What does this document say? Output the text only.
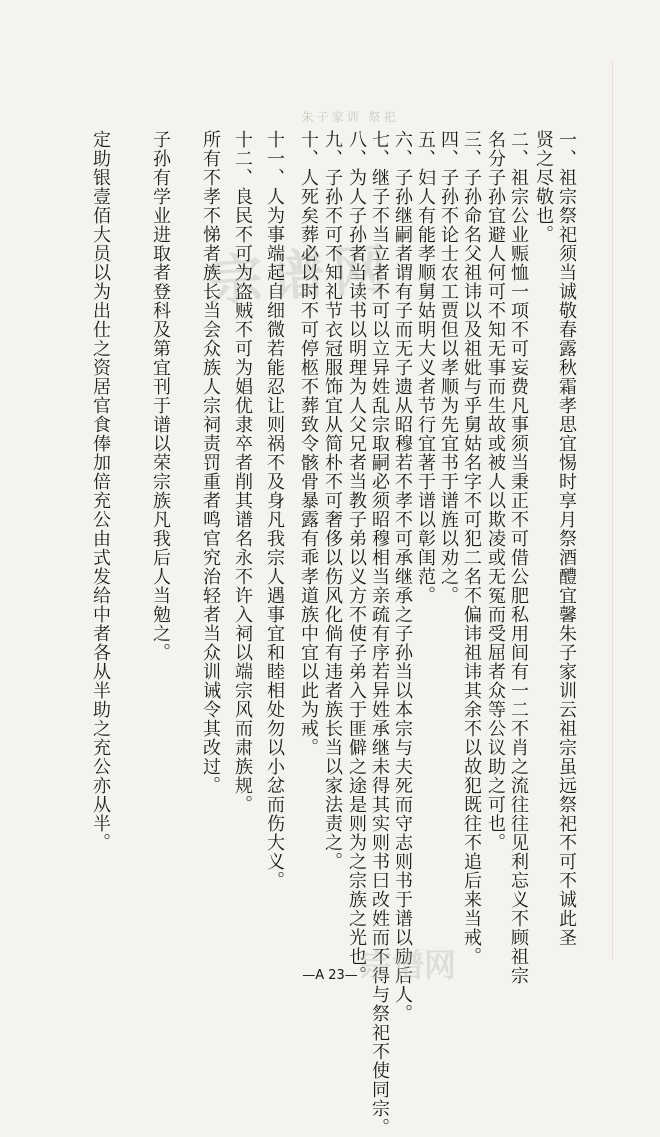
朱子家训 祭祀
宗谱网	一、祖宗祭祀须当诚敬春露秋霜孝思宜惕时享月祭酒醴宜馨朱子家训云祖宗虽远祭祀不可不诚此圣
贤之尽敬也。
二、祖宗公业赈恤一项不可妄费凡事须当秉正不可借公肥私用间有一二不肖之流往往见利忘义不顾祖宗
名分子孙宜避人何可不知无事而生故或被人以欺凌或无冤而受屈者众等公议助之可也。
三、子孙命名父祖讳以及祖妣与乎舅姑名字不可犯二名不偏讳祖讳其余不以故犯既往不追后来当戒。
四、子孙不论士农工贾但以孝顺为先宜书于谱旌以劝之。
五、妇人有能孝顺舅姑明大义者节行宜著于谱以彰闺范。
六、子孙继嗣者谓有子而无子遗从昭穆若不孝不可承继承之子孙当以本宗与夫死而守志则书于谱以励后人。
七、继子不当立者不可以立异姓乱宗取嗣必须昭穆相当亲疏有序若异姓承继未得其实则书曰改姓而不得与祭祀不使同宗。
八、为人子孙者当读书以明理为人父兄者当教子弟以义方不使子弟入于匪僻之途是则为之宗族之光也。
九、子孙不可不知礼节衣冠服饰宜从简朴不可奢侈以伤风化倘有违者族长当以家法责之。
十、人死矣葬必以时不可停柩不葬致令骸骨暴露有乖孝道族中宜以此为戒。
十一、人为事端起自细微若能忍让则祸不及身凡我宗人遇事宜和睦相处勿以小忿而伤大义。
十二、良民不可为盗贼不可为娼优隶卒者削其谱名永不许入祠以端宗风而肃族规。
所有不孝不悌者族长当会众族人宗祠责罚重者鸣官究治轻者当众训诫令其改过。
子孙有学业进取者登科及第宜刊于谱以荣宗族凡我后人当勉之。
定助银壹佰大员以为出仕之资居官食俸加倍充公由式发给中者各从半助之充公亦从半。
宗谱网
—A 23—
